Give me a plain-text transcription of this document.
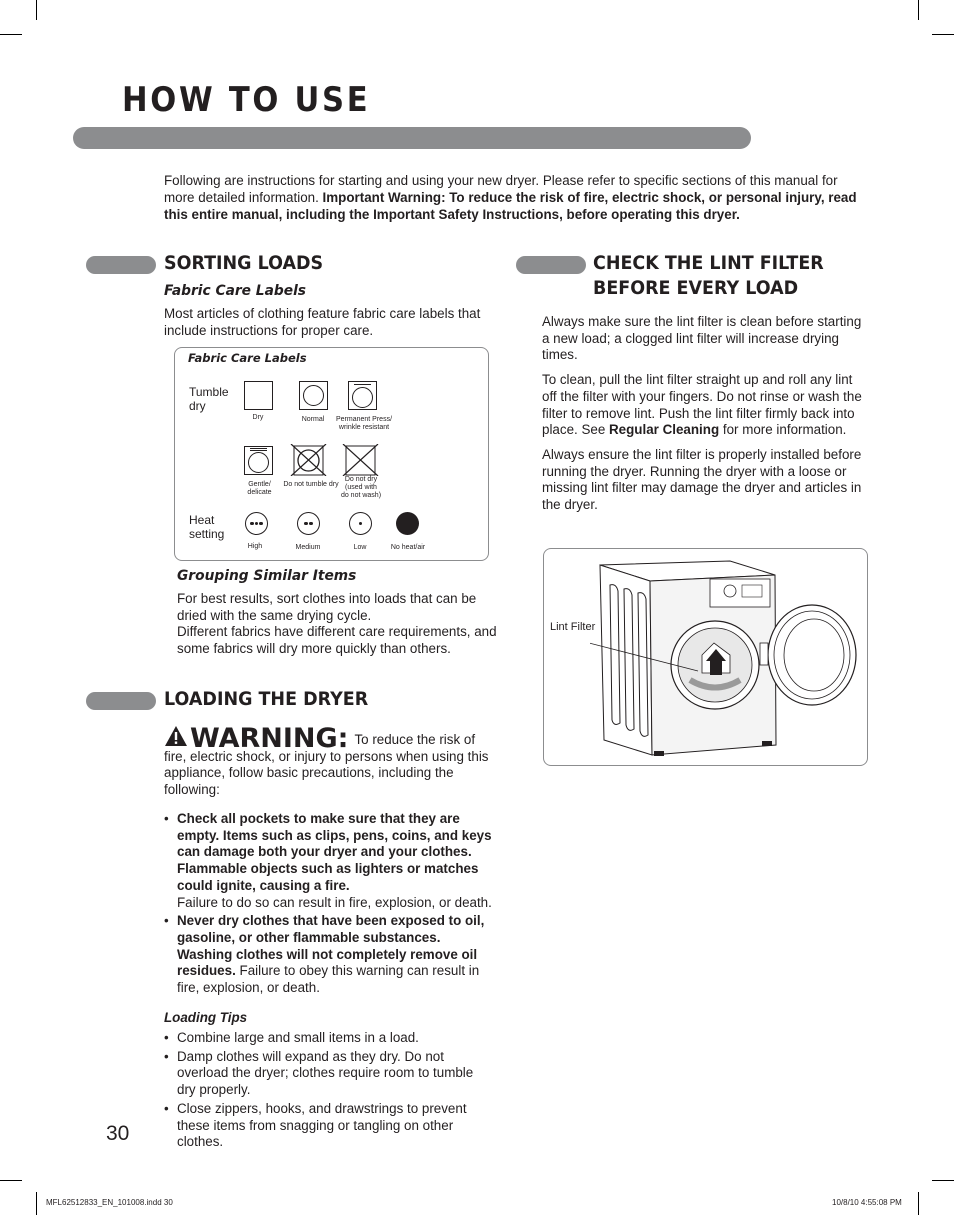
HOW TO USE
Following are instructions for starting and using your new dryer. Please refer to specific sections of this manual for more detailed information. Important Warning: To reduce the risk of fire, electric shock, or personal injury, read this entire manual, including the Important Safety Instructions, before operating this dryer.
SORTING LOADS
Fabric Care Labels
Most articles of clothing feature fabric care labels that include instructions for proper care.
Fabric Care Labels
Tumble
dry
Dry	Normal	Permanent Press/
wrinkle resistant
Gentle/
delicate
Do not tumble dry
Do not dry
(used with
do not wash)
Heat
setting
High	Medium	Low	No heat/air
Grouping Similar Items
For best results, sort clothes into loads that can be dried with the same drying cycle.
Different fabrics have different care requirements, and some fabrics will dry more quickly than others.
LOADING THE DRYER
WARNING: To reduce the risk of fire, electric shock, or injury to persons when using this appliance, follow basic precautions, including the following:
• Check all pockets to make sure that they are empty. Items such as clips, pens, coins, and keys can damage both your dryer and your clothes. Flammable objects such as lighters or matches could ignite, causing a fire.
Failure to do so can result in fire, explosion, or death.
• Never dry clothes that have been exposed to oil, gasoline, or other flammable substances. Washing clothes will not completely remove oil residues. Failure to obey this warning can result in fire, explosion, or death.
Loading Tips
• Combine large and small items in a load.
• Damp clothes will expand as they dry. Do not overload the dryer; clothes require room to tumble dry properly.
• Close zippers, hooks, and drawstrings to prevent these items from snagging or tangling on other clothes.
CHECK THE LINT FILTER
BEFORE EVERY LOAD

Always make sure the lint filter is clean before starting a new load; a clogged lint filter will increase drying times.

To clean, pull the lint filter straight up and roll any lint off the filter with your fingers. Do not rinse or wash the filter to remove lint. Push the lint filter firmly back into place. See Regular Cleaning for more information.

Always ensure the lint filter is properly installed before running the dryer. Running the dryer with a loose or missing lint filter may damage the dryer and articles in the dryer.

Lint Filter
30
MFL62512833_EN_101008.indd 30	10/8/10 4:55:08 PM
